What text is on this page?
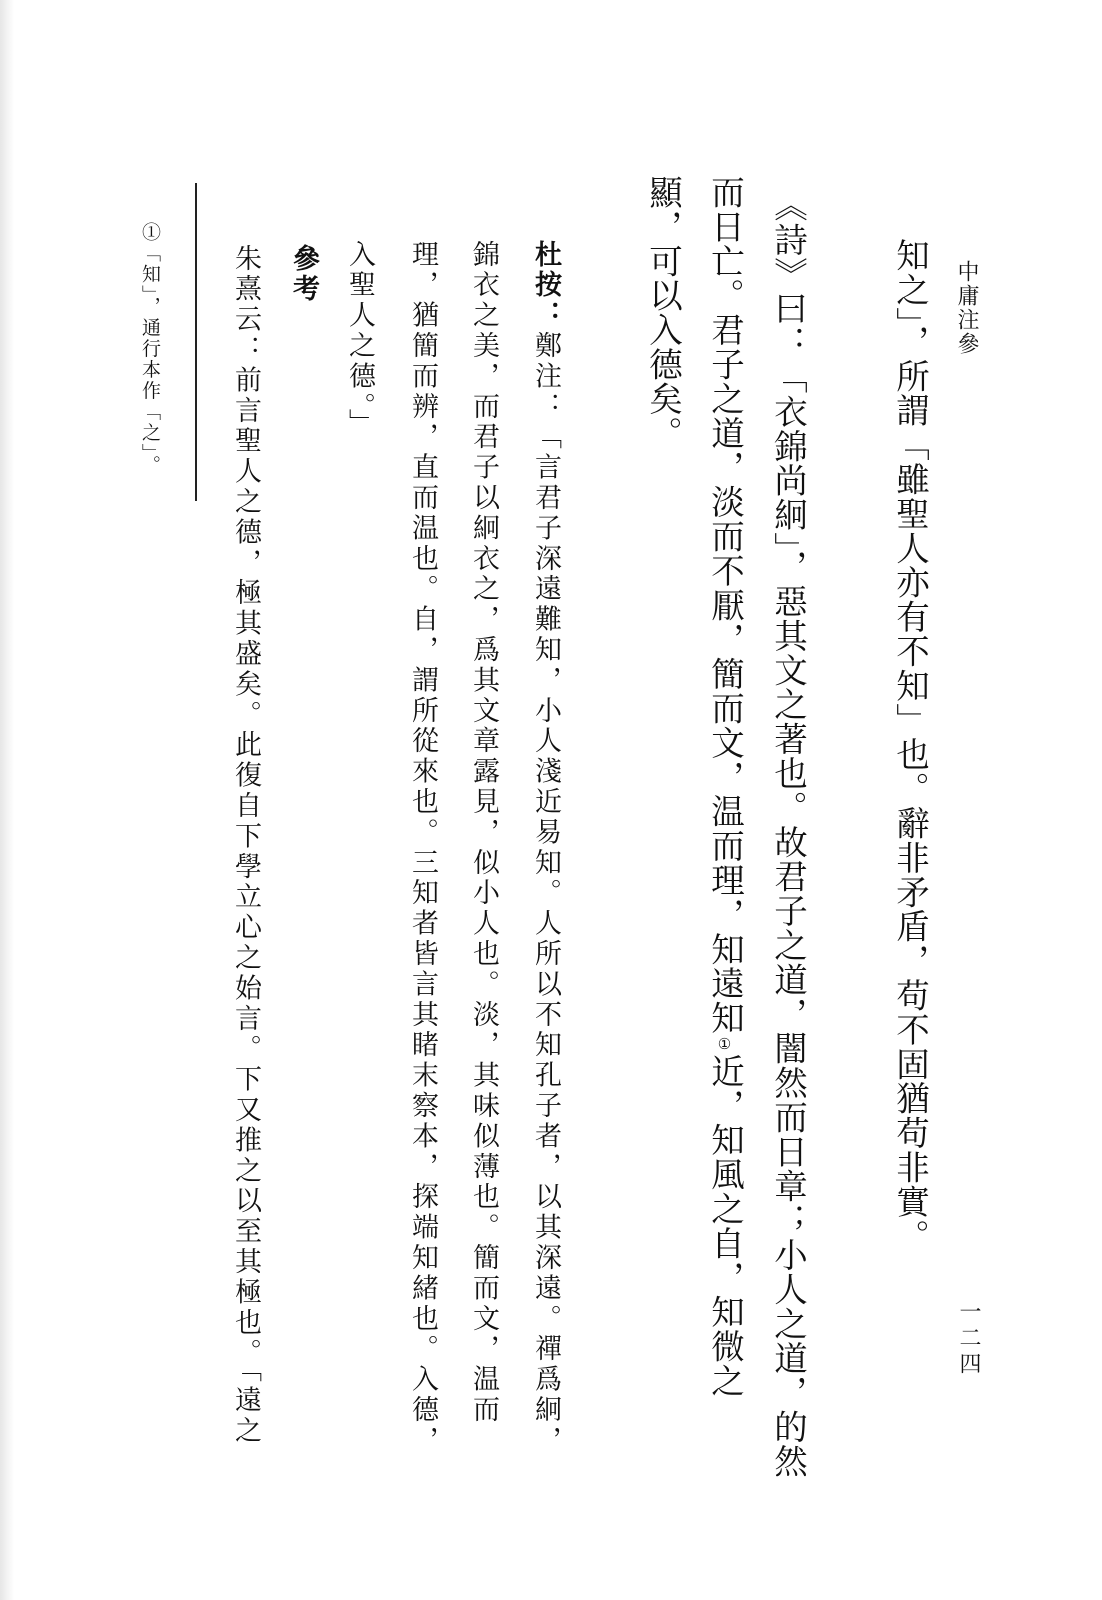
中庸注參
一二四
知之」，所謂「雖聖人亦有不知」也。辭非矛盾，苟不固猶苟非實。
《詩》曰：「衣錦尚絅」，惡其文之著也。故君子之道，闇然而日章；小人之道，的然
而日亡。君子之道，淡而不厭，簡而文，温而理，知遠知①近，知風之自，知微之
顯，可以入德矣。
杜按：鄭注：「言君子深遠難知，小人淺近易知。人所以不知孔子者，以其深遠。禪爲絅，
錦衣之美，而君子以絅衣之，爲其文章露見，似小人也。淡，其味似薄也。簡而文，温而
理，猶簡而辨，直而温也。自，謂所從來也。三知者皆言其睹末察本，探端知緒也。入德，
入聖人之德。」
參考
朱熹云：前言聖人之德，極其盛矣。此復自下學立心之始言。下又推之以至其極也。「遠之
①「知」，通行本作「之」。
